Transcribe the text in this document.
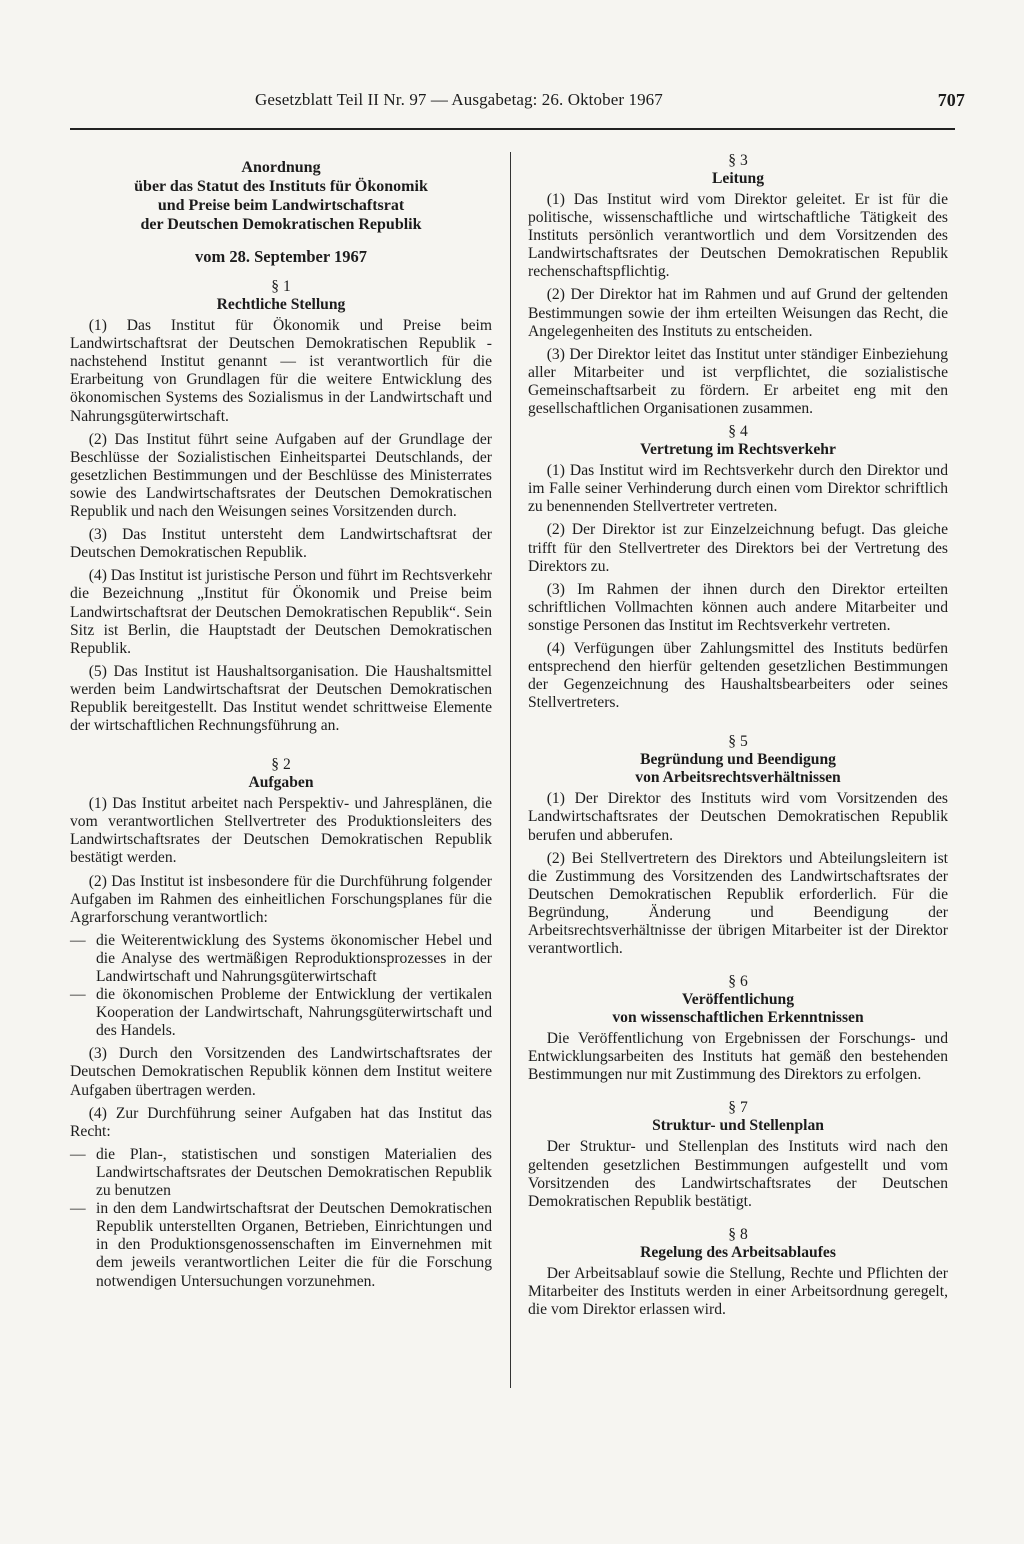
Gesetzblatt Teil II Nr. 97 — Ausgabetag: 26. Oktober 1967	707
Anordnung
über das Statut des Instituts für Ökonomik
und Preise beim Landwirtschaftsrat
der Deutschen Demokratischen Republik
vom 28. September 1967
§ 1
Rechtliche Stellung

(1) Das Institut für Ökonomik und Preise beim Landwirtschaftsrat der Deutschen Demokratischen Republik - nachstehend Institut genannt — ist verantwortlich für die Erarbeitung von Grundlagen für die weitere Entwicklung des ökonomischen Systems des Sozialismus in der Landwirtschaft und Nahrungsgüterwirtschaft.

(2) Das Institut führt seine Aufgaben auf der Grundlage der Beschlüsse der Sozialistischen Einheitspartei Deutschlands, der gesetzlichen Bestimmungen und der Beschlüsse des Ministerrates sowie des Landwirtschaftsrates der Deutschen Demokratischen Republik und nach den Weisungen seines Vorsitzenden durch.

(3) Das Institut untersteht dem Landwirtschaftsrat der Deutschen Demokratischen Republik.

(4) Das Institut ist juristische Person und führt im Rechtsverkehr die Bezeichnung „Institut für Ökonomik und Preise beim Landwirtschaftsrat der Deutschen Demokratischen Republik“. Sein Sitz ist Berlin, die Hauptstadt der Deutschen Demokratischen Republik.

(5) Das Institut ist Haushaltsorganisation. Die Haushaltsmittel werden beim Landwirtschaftsrat der Deutschen Demokratischen Republik bereitgestellt. Das Institut wendet schrittweise Elemente der wirtschaftlichen Rechnungsführung an.

§ 2
Aufgaben

(1) Das Institut arbeitet nach Perspektiv- und Jahresplänen, die vom verantwortlichen Stellvertreter des Produktionsleiters des Landwirtschaftsrates der Deutschen Demokratischen Republik bestätigt werden.

(2) Das Institut ist insbesondere für die Durchführung folgender Aufgaben im Rahmen des einheitlichen Forschungsplanes für die Agrarforschung verantwortlich:

— die Weiterentwicklung des Systems ökonomischer Hebel und die Analyse des wertmäßigen Reproduktionsprozesses in der Landwirtschaft und Nahrungsgüterwirtschaft
— die ökonomischen Probleme der Entwicklung der vertikalen Kooperation der Landwirtschaft, Nahrungsgüterwirtschaft und des Handels.

(3) Durch den Vorsitzenden des Landwirtschaftsrates der Deutschen Demokratischen Republik können dem Institut weitere Aufgaben übertragen werden.

(4) Zur Durchführung seiner Aufgaben hat das Institut das Recht:

— die Plan-, statistischen und sonstigen Materialien des Landwirtschaftsrates der Deutschen Demokratischen Republik zu benutzen
— in den dem Landwirtschaftsrat der Deutschen Demokratischen Republik unterstellten Organen, Betrieben, Einrichtungen und in den Produktionsgenossenschaften im Einvernehmen mit dem jeweils verantwortlichen Leiter die für die Forschung notwendigen Untersuchungen vorzunehmen.
§ 3
Leitung

(1) Das Institut wird vom Direktor geleitet. Er ist für die politische, wissenschaftliche und wirtschaftliche Tätigkeit des Instituts persönlich verantwortlich und dem Vorsitzenden des Landwirtschaftsrates der Deutschen Demokratischen Republik rechenschaftspflichtig.

(2) Der Direktor hat im Rahmen und auf Grund der geltenden Bestimmungen sowie der ihm erteilten Weisungen das Recht, die Angelegenheiten des Instituts zu entscheiden.

(3) Der Direktor leitet das Institut unter ständiger Einbeziehung aller Mitarbeiter und ist verpflichtet, die sozialistische Gemeinschaftsarbeit zu fördern. Er arbeitet eng mit den gesellschaftlichen Organisationen zusammen.

§ 4
Vertretung im Rechtsverkehr

(1) Das Institut wird im Rechtsverkehr durch den Direktor und im Falle seiner Verhinderung durch einen vom Direktor schriftlich zu benennenden Stellvertreter vertreten.

(2) Der Direktor ist zur Einzelzeichnung befugt. Das gleiche trifft für den Stellvertreter des Direktors bei der Vertretung des Direktors zu.

(3) Im Rahmen der ihnen durch den Direktor erteilten schriftlichen Vollmachten können auch andere Mitarbeiter und sonstige Personen das Institut im Rechtsverkehr vertreten.

(4) Verfügungen über Zahlungsmittel des Instituts bedürfen entsprechend den hierfür geltenden gesetzlichen Bestimmungen der Gegenzeichnung des Haushaltsbearbeiters oder seines Stellvertreters.

§ 5
Begründung und Beendigung
von Arbeitsrechtsverhältnissen

(1) Der Direktor des Instituts wird vom Vorsitzenden des Landwirtschaftsrates der Deutschen Demokratischen Republik berufen und abberufen.

(2) Bei Stellvertretern des Direktors und Abteilungsleitern ist die Zustimmung des Vorsitzenden des Landwirtschaftsrates der Deutschen Demokratischen Republik erforderlich. Für die Begründung, Änderung und Beendigung der Arbeitsrechtsverhältnisse der übrigen Mitarbeiter ist der Direktor verantwortlich.

§ 6
Veröffentlichung
von wissenschaftlichen Erkenntnissen

Die Veröffentlichung von Ergebnissen der Forschungs- und Entwicklungsarbeiten des Instituts hat gemäß den bestehenden Bestimmungen nur mit Zustimmung des Direktors zu erfolgen.

§ 7
Struktur- und Stellenplan

Der Struktur- und Stellenplan des Instituts wird nach den geltenden gesetzlichen Bestimmungen aufgestellt und vom Vorsitzenden des Landwirtschaftsrates der Deutschen Demokratischen Republik bestätigt.

§ 8
Regelung des Arbeitsablaufes

Der Arbeitsablauf sowie die Stellung, Rechte und Pflichten der Mitarbeiter des Instituts werden in einer Arbeitsordnung geregelt, die vom Direktor erlassen wird.
